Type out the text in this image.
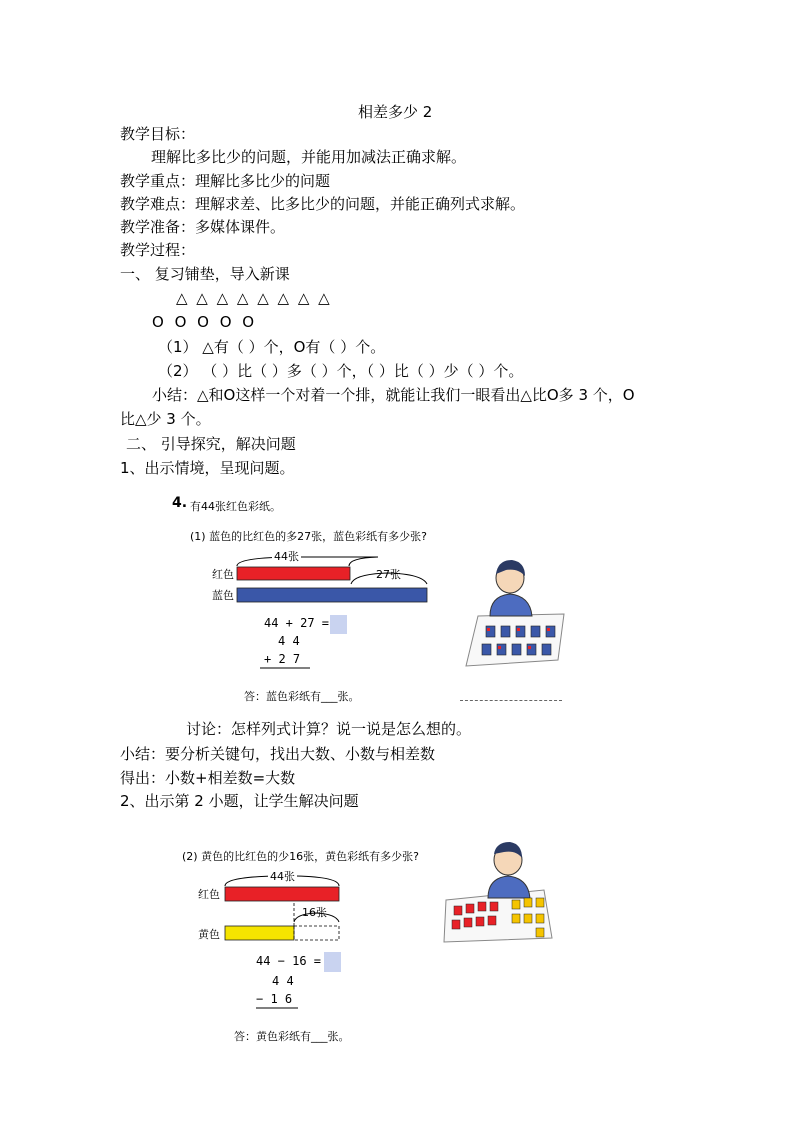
相差多少 2
教学目标：
理解比多比少的问题，并能用加减法正确求解。
教学重点：理解比多比少的问题
教学难点：理解求差、比多比少的问题，并能正确列式求解。
教学准备：多媒体课件。
教学过程：
一、 复习铺垫，导入新课
△ △ △ △ △ △ △ △
O O O O O
（1） △有（ ）个，O有（ ）个。
（2） （ ）比（ ）多（ ）个，（ ）比（ ）少（ ）个。
小结：△和O这样一个对着一个排，就能让我们一眼看出△比O多 3 个，O
比△少 3 个。
二、 引导探究，解决问题
1、出示情境，呈现问题。
4. 有44张红色彩纸。
(1) 蓝色的比红色的多27张，蓝色彩纸有多少张?
44张
27张
红色
蓝色
44 + 27 =
4 4
+ 2 7
答：蓝色彩纸有___张。
讨论：怎样列式计算？说一说是怎么想的。
小结：要分析关键句，找出大数、小数与相差数
得出：小数+相差数=大数
2、出示第 2 小题，让学生解决问题
(2) 黄色的比红色的少16张，黄色彩纸有多少张?
44张
16张
红色
黄色
44 − 16 =
4 4
− 1 6
答：黄色彩纸有___张。
